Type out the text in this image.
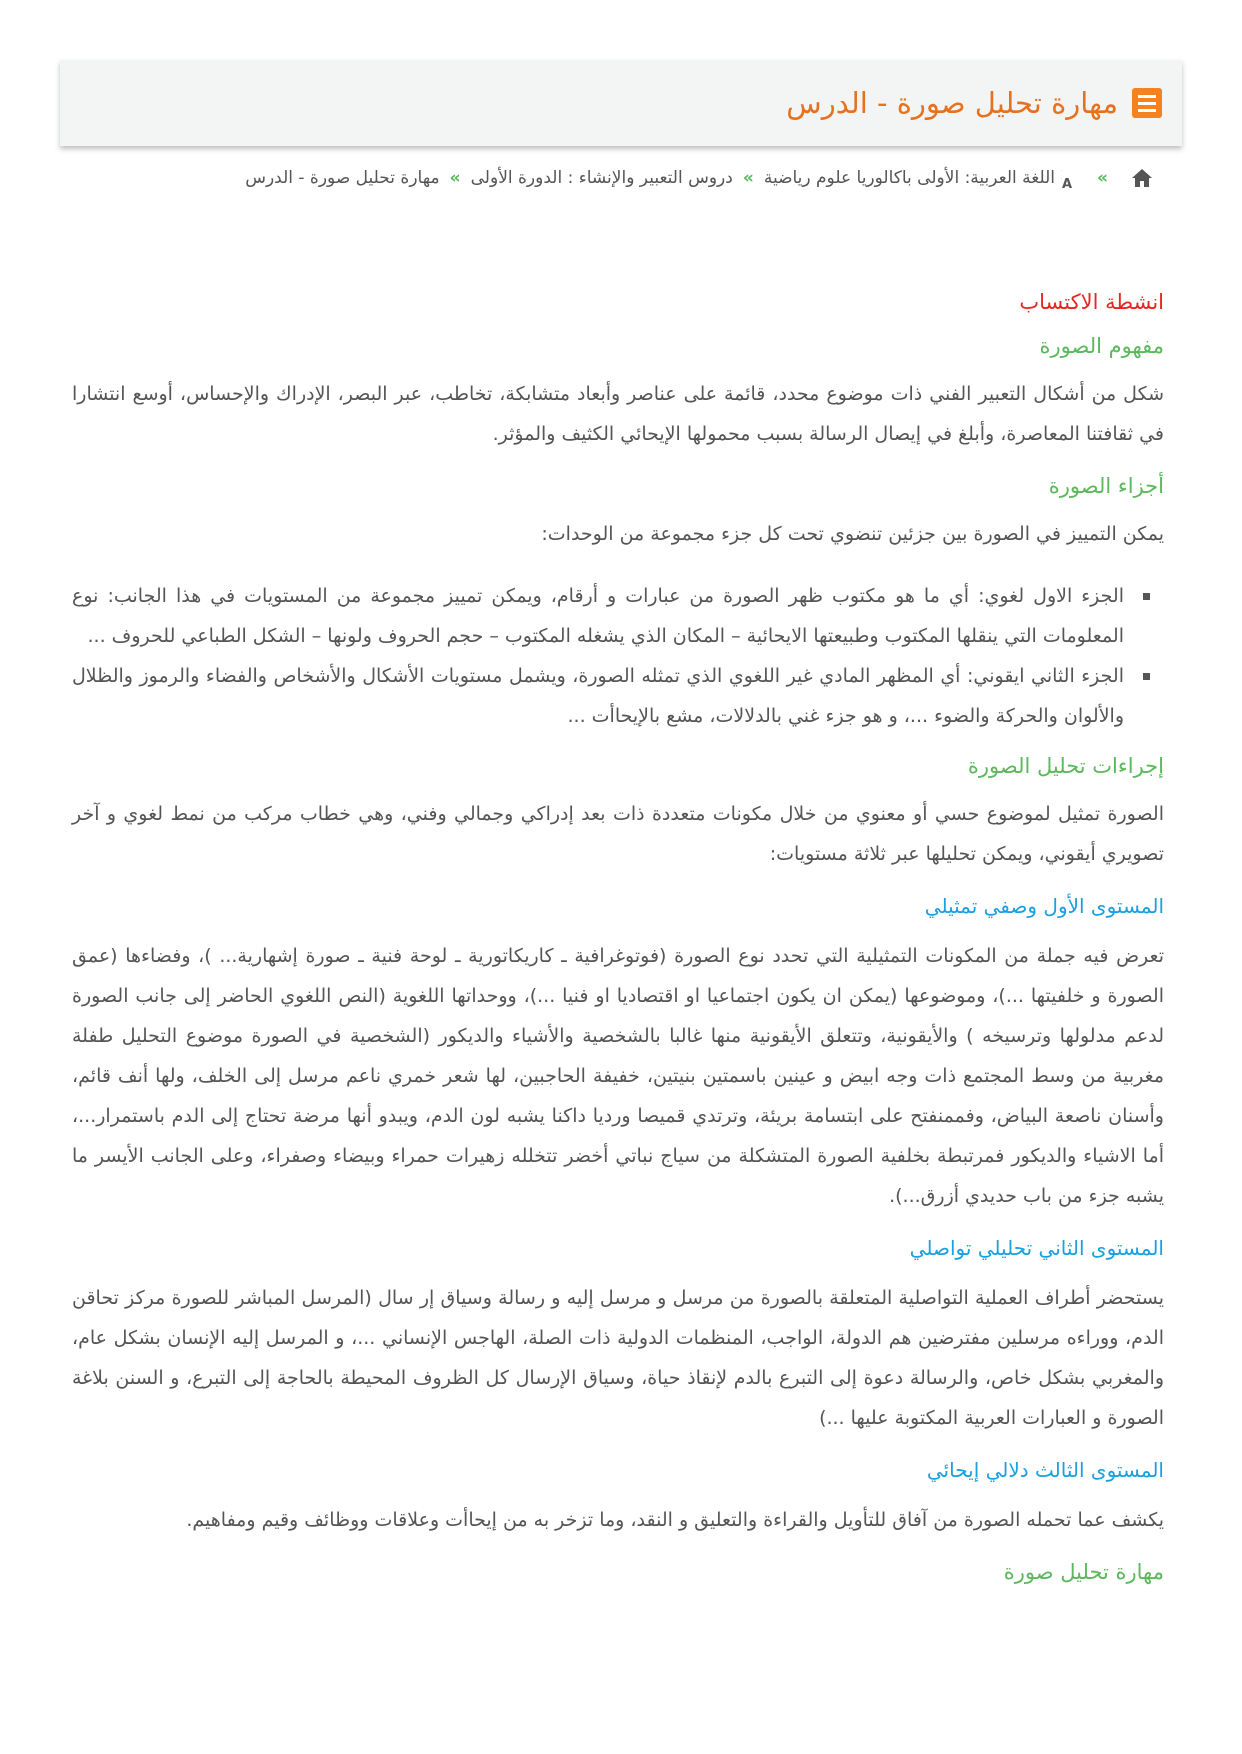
مهارة تحليل صورة - الدرس
»
A
اللغة العربية: الأولى باكالوريا علوم رياضية
»
دروس التعبير والإنشاء : الدورة الأولى
»
مهارة تحليل صورة - الدرس
انشطة الاكتساب
مفهوم الصورة

شكل من أشكال التعبير الفني ذات موضوع محدد، قائمة على عناصر وأبعاد متشابكة، تخاطب، عبر البصر، الإدراك والإحساس، أوسع انتشارا في ثقافتنا المعاصرة، وأبلغ في إيصال الرسالة بسبب محمولها الإيحائي الكثيف والمؤثر.

أجزاء الصورة

يمكن التمييز في الصورة بين جزئين تنضوي تحت كل جزء مجموعة من الوحدات:

الجزء الاول لغوي: أي ما هو مكتوب ظهر الصورة من عبارات و أرقام، ويمكن تمييز مجموعة من المستويات في هذا الجانب: نوع المعلومات التي ينقلها المكتوب وطبيعتها الايحائية – المكان الذي يشغله المكتوب – حجم الحروف ولونها – الشكل الطباعي للحروف ...
الجزء الثاني ايقوني: أي المظهر المادي غير اللغوي الذي تمثله الصورة، ويشمل مستويات الأشكال والأشخاص والفضاء والرموز والظلال والألوان والحركة والضوء ...، و هو جزء غني بالدلالات، مشع بالإيحاأت ...
إجراءات تحليل الصورة

الصورة تمثيل لموضوع حسي أو معنوي من خلال مكونات متعددة ذات بعد إدراكي وجمالي وفني، وهي خطاب مركب من نمط لغوي و آخر تصويري أيقوني، ويمكن تحليلها عبر ثلاثة مستويات:

المستوى الأول وصفي تمثيلي

تعرض فيه جملة من المكونات التمثيلية التي تحدد نوع الصورة (فوتوغرافية ـ كاريكاتورية ـ لوحة فنية ـ صورة إشهارية... )، وفضاءها (عمق الصورة و خلفيتها ...)، وموضوعها (يمكن ان يكون اجتماعيا او اقتصاديا او فنيا ...)، ووحداتها اللغوية (النص اللغوي الحاضر إلى جانب الصورة لدعم مدلولها وترسيخه ) والأيقونية، وتتعلق الأيقونية منها غالبا بالشخصية والأشياء والديكور (الشخصية في الصورة موضوع التحليل طفلة مغربية من وسط المجتمع ذات وجه ابيض و عينين باسمتين بنيتين، خفيفة الحاجبين، لها شعر خمري ناعم مرسل إلى الخلف، ولها أنف قائم، وأسنان ناصعة البياض، وفممنفتح على ابتسامة بريئة، وترتدي قميصا ورديا داكنا يشبه لون الدم، ويبدو أنها مرضة تحتاج إلى الدم باستمرار...، أما الاشياء والديكور فمرتبطة بخلفية الصورة المتشكلة من سياج نباتي أخضر تتخلله زهيرات حمراء وبيضاء وصفراء، وعلى الجانب الأيسر ما يشبه جزء من باب حديدي أزرق...).

المستوى الثاني تحليلي تواصلي

يستحضر أطراف العملية التواصلية المتعلقة بالصورة من مرسل و مرسل إليه و رسالة وسياق إر سال (المرسل المباشر للصورة مركز تحاقن الدم، ووراءه مرسلين مفترضين هم الدولة، الواجب، المنظمات الدولية ذات الصلة، الهاجس الإنساني ...، و المرسل إليه الإنسان بشكل عام، والمغربي بشكل خاص، والرسالة دعوة إلى التبرع بالدم لإنقاذ حياة، وسياق الإرسال كل الظروف المحيطة بالحاجة إلى التبرع، و السنن بلاغة الصورة و العبارات العربية المكتوبة عليها ...)

المستوى الثالث دلالي إيحائي

يكشف عما تحمله الصورة من آفاق للتأويل والقراءة والتعليق و النقد، وما تزخر به من إيحاأت وعلاقات ووظائف وقيم ومفاهيم.

مهارة تحليل صورة
